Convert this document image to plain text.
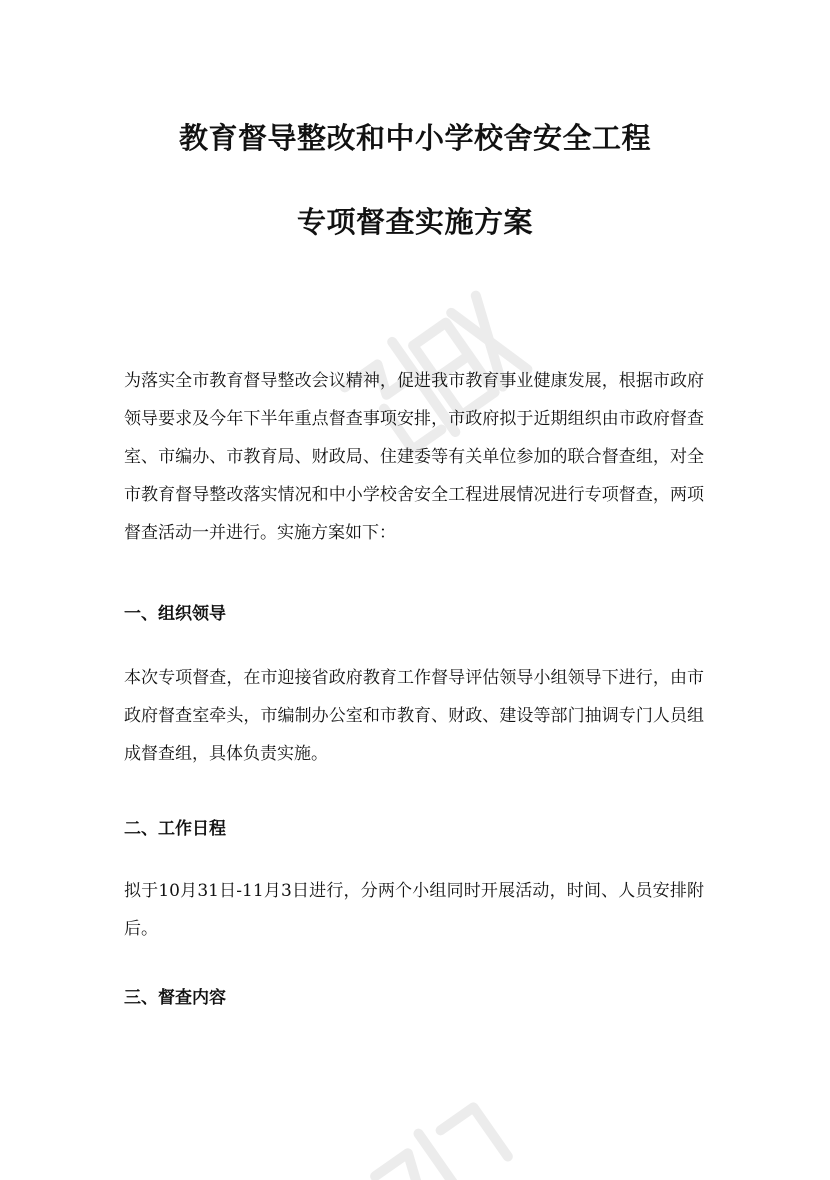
教育督导整改和中小学校舍安全工程
专项督查实施方案

为落实全市教育督导整改会议精神，促进我市教育事业健康发展，根据市政府领导要求及今年下半年重点督查事项安排，市政府拟于近期组织由市政府督查室、市编办、市教育局、财政局、住建委等有关单位参加的联合督查组，对全市教育督导整改落实情况和中小学校舍安全工程进展情况进行专项督查，两项督查活动一并进行。实施方案如下：

一、组织领导

本次专项督查，在市迎接省政府教育工作督导评估领导小组领导下进行，由市政府督查室牵头，市编制办公室和市教育、财政、建设等部门抽调专门人员组成督查组，具体负责实施。

二、工作日程

拟于10月31日-11月3日进行，分两个小组同时开展活动，时间、人员安排附后。

三、督查内容
